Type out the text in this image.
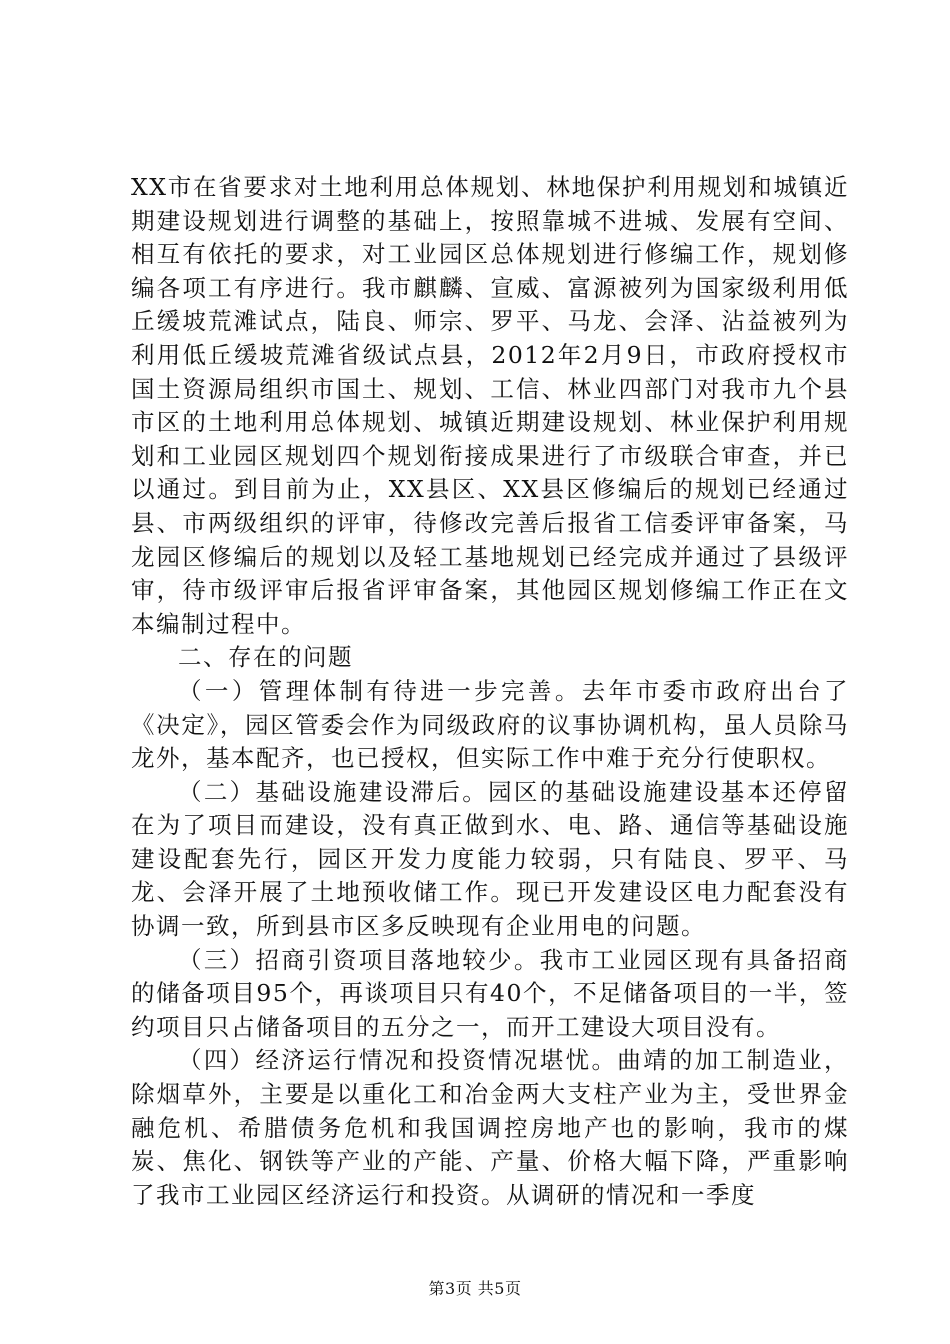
XX市在省要求对土地利用总体规划、林地保护利用规划和城镇近期建设规划进行调整的基础上，按照靠城不进城、发展有空间、相互有依托的要求，对工业园区总体规划进行修编工作，规划修编各项工有序进行。我市麒麟、宣威、富源被列为国家级利用低丘缓坡荒滩试点，陆良、师宗、罗平、马龙、会泽、沾益被列为利用低丘缓坡荒滩省级试点县，2012年2月9日，市政府授权市国土资源局组织市国土、规划、工信、林业四部门对我市九个县市区的土地利用总体规划、城镇近期建设规划、林业保护利用规划和工业园区规划四个规划衔接成果进行了市级联合审查，并已以通过。到目前为止，XX县区、XX县区修编后的规划已经通过县、市两级组织的评审，待修改完善后报省工信委评审备案，马龙园区修编后的规划以及轻工基地规划已经完成并通过了县级评审，待市级评审后报省评审备案，其他园区规划修编工作正在文本编制过程中。

二、存在的问题

（一）管理体制有待进一步完善。去年市委市政府出台了《决定》，园区管委会作为同级政府的议事协调机构，虽人员除马龙外，基本配齐，也已授权，但实际工作中难于充分行使职权。

（二）基础设施建设滞后。园区的基础设施建设基本还停留在为了项目而建设，没有真正做到水、电、路、通信等基础设施建设配套先行，园区开发力度能力较弱，只有陆良、罗平、马龙、会泽开展了土地预收储工作。现已开发建设区电力配套没有协调一致，所到县市区多反映现有企业用电的问题。

（三）招商引资项目落地较少。我市工业园区现有具备招商的储备项目95个，再谈项目只有40个，不足储备项目的一半，签约项目只占储备项目的五分之一，而开工建设大项目没有。

（四）经济运行情况和投资情况堪忧。曲靖的加工制造业，除烟草外，主要是以重化工和冶金两大支柱产业为主，受世界金融危机、希腊债务危机和我国调控房地产也的影响，我市的煤炭、焦化、钢铁等产业的产能、产量、价格大幅下降，严重影响了我市工业园区经济运行和投资。从调研的情况和一季度

第3页 共5页
